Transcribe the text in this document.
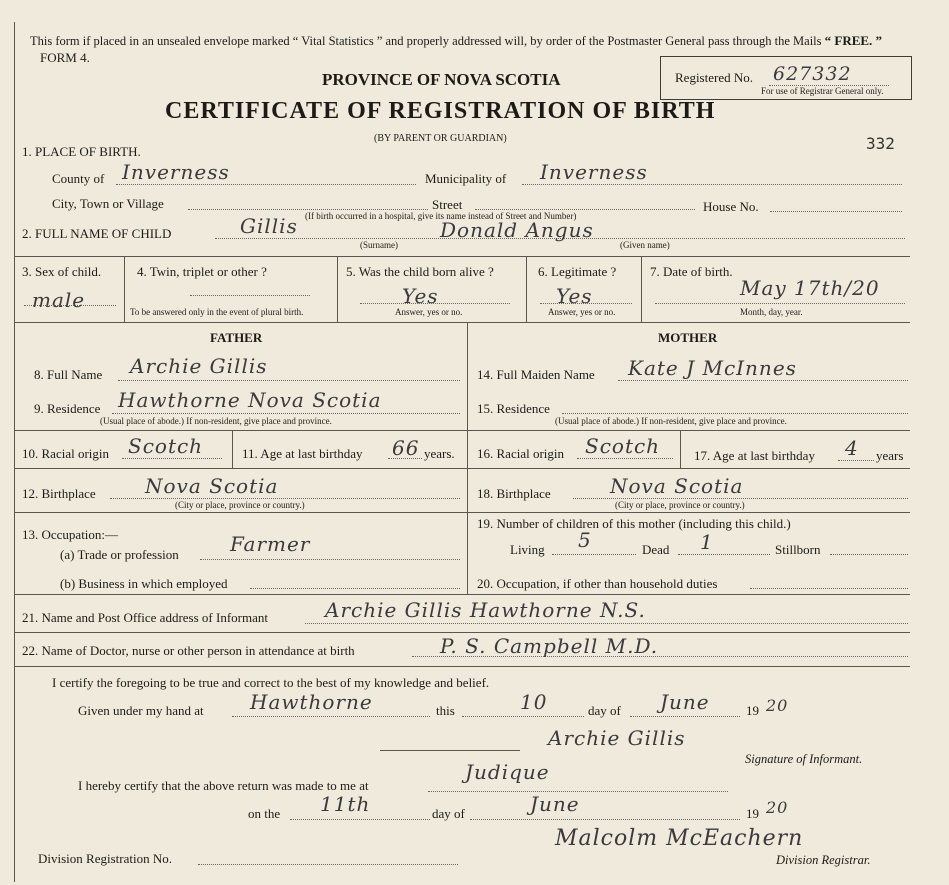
This form if placed in an unsealed envelope marked “ Vital Statistics ” and properly addressed will, by order of the Postmaster General pass through the Mails “ FREE. ”
FORM 4.
PROVINCE OF NOVA SCOTIA
CERTIFICATE OF REGISTRATION OF BIRTH
(BY PARENT OR GUARDIAN)
Registered No. 627332
For use of Registrar General only.
332
1. PLACE OF BIRTH.
County of Inverness	Municipality of Inverness
City, Town or Village	Street	House No.
(If birth occurred in a hospital, give its name instead of Street and Number)
2. FULL NAME OF CHILD	Gillis	Donald Angus
(Surname)	(Given name)
3. Sex of child.
male
4. Twin, triplet or other ?
To be answered only in the event of plural birth.
5. Was the child born alive ?
Yes
Answer, yes or no.
6. Legitimate ?
Yes
Answer, yes or no.
7. Date of birth.
May 17th/20
Month, day, year.
FATHER	MOTHER
8. Full Name Archie Gillis
9. Residence Hawthorne Nova Scotia
(Usual place of abode.) If non-resident, give place and province.
10. Racial origin Scotch	11. Age at last birthday 66 years.
12. Birthplace Nova Scotia
(City or place, province or country.)
13. Occupation:—
(a) Trade or profession	Farmer
(b) Business in which employed
14. Full Maiden Name Kate J McInnes
15. Residence
(Usual place of abode.) If non-resident, give place and province.
16. Racial origin Scotch	17. Age at last birthday 4 years
18. Birthplace	Nova Scotia
(City or place, province or country.)
19. Number of children of this mother (including this child.)
Living 5	Dead 1	Stillborn
20. Occupation, if other than household duties
21. Name and Post Office address of Informant	Archie Gillis Hawthorne N.S.
22. Name of Doctor, nurse or other person in attendance at birth	P. S. Campbell M.D.
I certify the foregoing to be true and correct to the best of my knowledge and belief.
Given under my hand at Hawthorne	this	10	day of June	19 20
Archie Gillis
Signature of Informant.
I hereby certify that the above return was made to me at
Judique
on the 11th	day of	June	19 20
Malcolm McEachern
Division Registrar.
Division Registration No.
